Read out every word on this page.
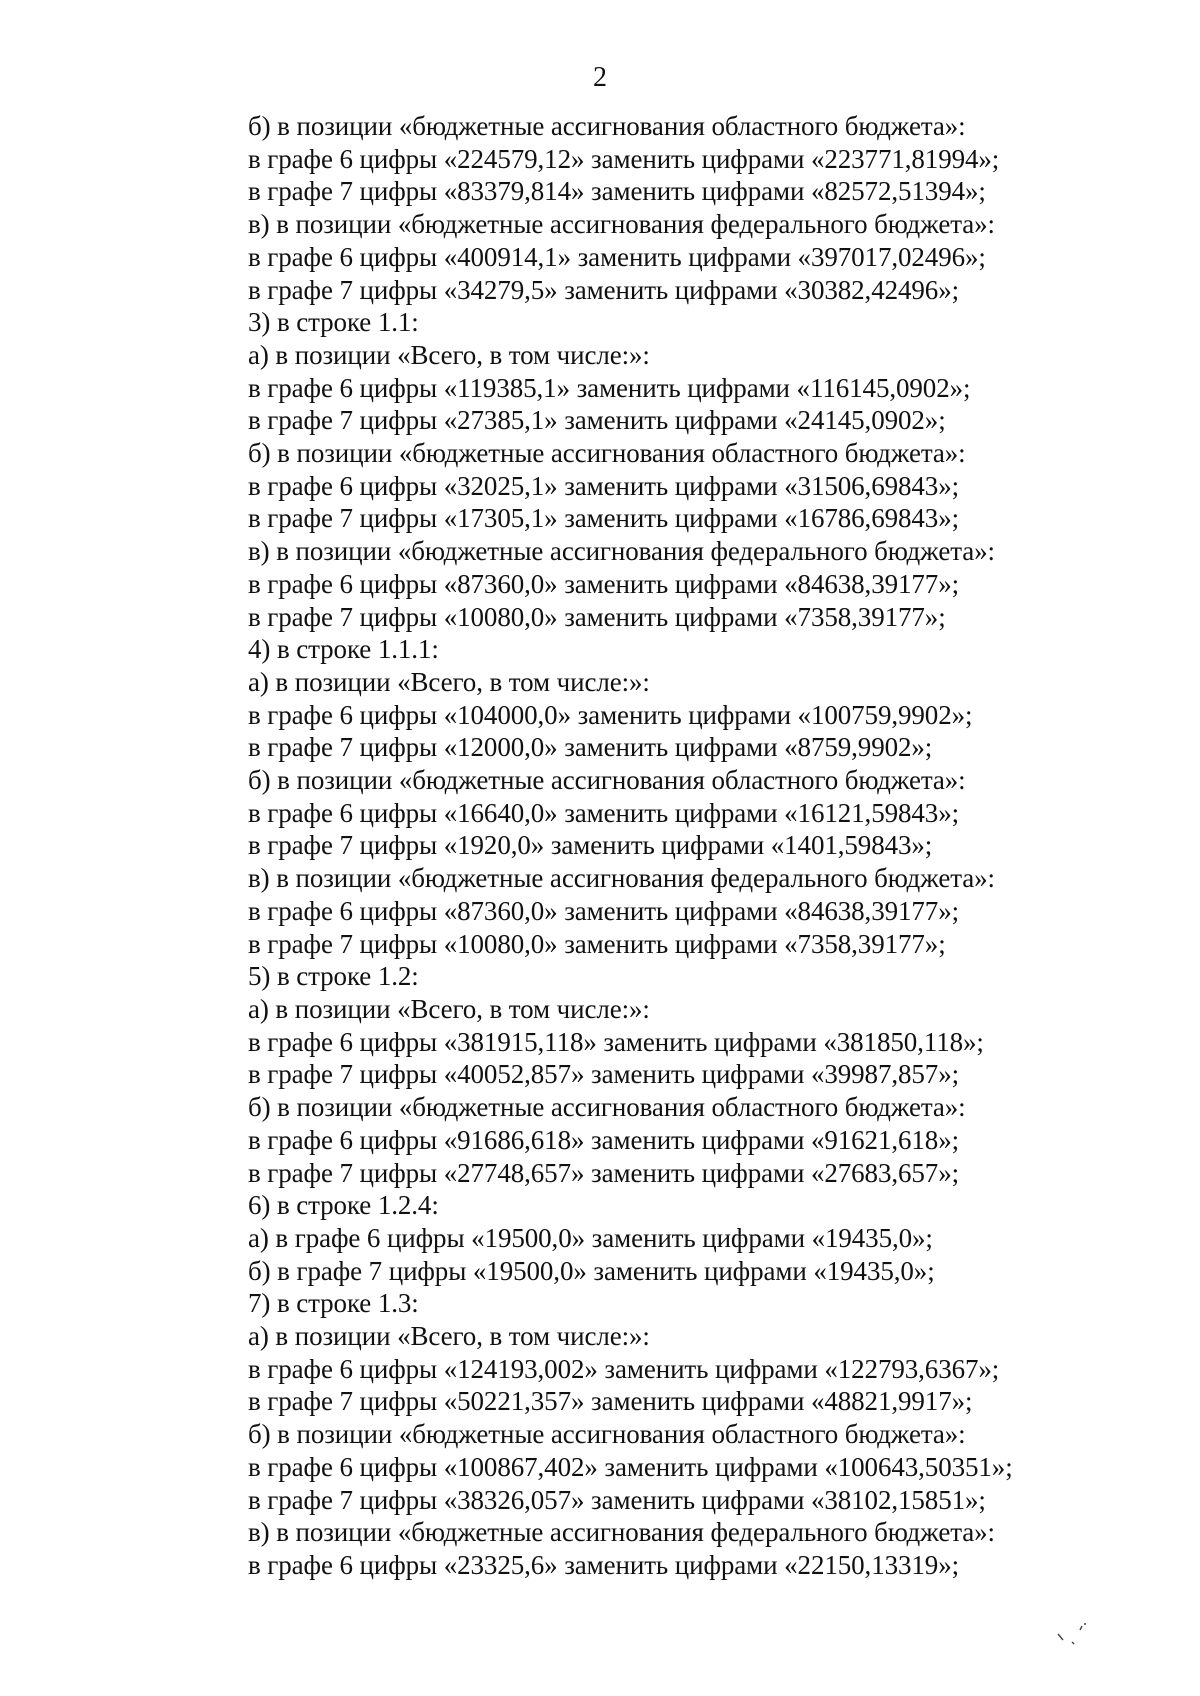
2
б) в позиции «бюджетные ассигнования областного бюджета»:
в графе 6 цифры «224579,12» заменить цифрами «223771,81994»;
в графе 7 цифры «83379,814» заменить цифрами «82572,51394»;
в) в позиции «бюджетные ассигнования федерального бюджета»:
в графе 6 цифры «400914,1» заменить цифрами «397017,02496»;
в графе 7 цифры «34279,5» заменить цифрами «30382,42496»;
3) в строке 1.1:
а) в позиции «Всего, в том числе:»:
в графе 6 цифры «119385,1» заменить цифрами «116145,0902»;
в графе 7 цифры «27385,1» заменить цифрами «24145,0902»;
б) в позиции «бюджетные ассигнования областного бюджета»:
в графе 6 цифры «32025,1» заменить цифрами «31506,69843»;
в графе 7 цифры «17305,1» заменить цифрами «16786,69843»;
в) в позиции «бюджетные ассигнования федерального бюджета»:
в графе 6 цифры «87360,0» заменить цифрами «84638,39177»;
в графе 7 цифры «10080,0» заменить цифрами «7358,39177»;
4) в строке 1.1.1:
а) в позиции «Всего, в том числе:»:
в графе 6 цифры «104000,0» заменить цифрами «100759,9902»;
в графе 7 цифры «12000,0» заменить цифрами «8759,9902»;
б) в позиции «бюджетные ассигнования областного бюджета»:
в графе 6 цифры «16640,0» заменить цифрами «16121,59843»;
в графе 7 цифры «1920,0» заменить цифрами «1401,59843»;
в) в позиции «бюджетные ассигнования федерального бюджета»:
в графе 6 цифры «87360,0» заменить цифрами «84638,39177»;
в графе 7 цифры «10080,0» заменить цифрами «7358,39177»;
5) в строке 1.2:
а) в позиции «Всего, в том числе:»:
в графе 6 цифры «381915,118» заменить цифрами «381850,118»;
в графе 7 цифры «40052,857» заменить цифрами «39987,857»;
б) в позиции «бюджетные ассигнования областного бюджета»:
в графе 6 цифры «91686,618» заменить цифрами «91621,618»;
в графе 7 цифры «27748,657» заменить цифрами «27683,657»;
6) в строке 1.2.4:
а) в графе 6 цифры «19500,0» заменить цифрами «19435,0»;
б) в графе 7 цифры «19500,0» заменить цифрами «19435,0»;
7) в строке 1.3:
а) в позиции «Всего, в том числе:»:
в графе 6 цифры «124193,002» заменить цифрами «122793,6367»;
в графе 7 цифры «50221,357» заменить цифрами «48821,9917»;
б) в позиции «бюджетные ассигнования областного бюджета»:
в графе 6 цифры «100867,402» заменить цифрами «100643,50351»;
в графе 7 цифры «38326,057» заменить цифрами «38102,15851»;
в) в позиции «бюджетные ассигнования федерального бюджета»:
в графе 6 цифры «23325,6» заменить цифрами «22150,13319»;
